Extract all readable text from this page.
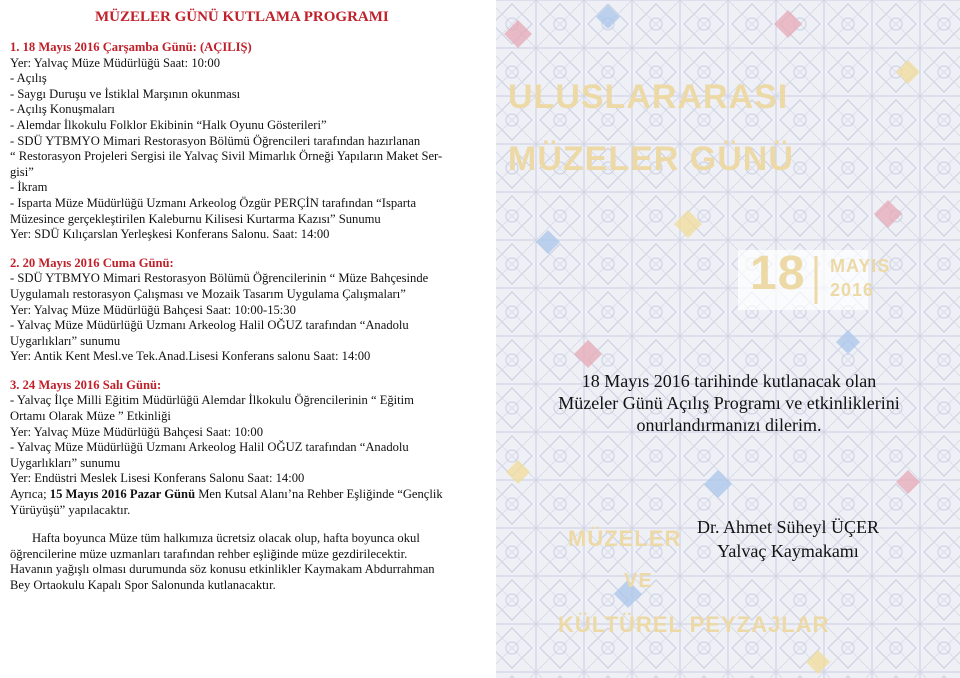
MÜZELER GÜNÜ KUTLAMA PROGRAMI
1. 18 Mayıs 2016 Çarşamba Günü: (AÇILIŞ)
Yer: Yalvaç Müze Müdürlüğü Saat: 10:00
- Açılış
- Saygı Duruşu ve İstiklal Marşının okunması
- Açılış Konuşmaları
- Alemdar İlkokulu Folklor Ekibinin “Halk Oyunu Gösterileri”
- SDÜ YTBMYO Mimari Restorasyon Bölümü Öğrencileri tarafından hazırlanan
“ Restorasyon Projeleri Sergisi ile Yalvaç Sivil Mimarlık Örneği Yapıların Maket Ser-
gisi”
- İkram
- Isparta Müze Müdürlüğü Uzmanı Arkeolog Özgür PERÇİN tarafından “Isparta
Müzesince gerçekleştirilen Kaleburnu Kilisesi Kurtarma Kazısı” Sunumu
Yer: SDÜ Kılıçarslan Yerleşkesi Konferans Salonu. Saat: 14:00
2. 20 Mayıs 2016 Cuma Günü:
- SDÜ YTBMYO Mimari Restorasyon Bölümü Öğrencilerinin “ Müze Bahçesinde
Uygulamalı restorasyon Çalışması ve Mozaik Tasarım Uygulama Çalışmaları”
Yer: Yalvaç Müze Müdürlüğü Bahçesi Saat: 10:00-15:30
- Yalvaç Müze Müdürlüğü Uzmanı Arkeolog Halil OĞUZ tarafından “Anadolu
Uygarlıkları” sunumu
Yer: Antik Kent Mesl.ve Tek.Anad.Lisesi Konferans salonu Saat: 14:00
3. 24 Mayıs 2016 Salı Günü:
- Yalvaç İlçe Milli Eğitim Müdürlüğü Alemdar İlkokulu Öğrencilerinin “ Eğitim
Ortamı Olarak Müze ” Etkinliği
Yer: Yalvaç Müze Müdürlüğü Bahçesi Saat: 10:00
- Yalvaç Müze Müdürlüğü Uzmanı Arkeolog Halil OĞUZ tarafından “Anadolu
Uygarlıkları” sunumu
Yer: Endüstri Meslek Lisesi Konferans Salonu Saat: 14:00
Ayrıca; 15 Mayıs 2016 Pazar Günü Men Kutsal Alanı’na Rehber Eşliğinde “Gençlik
Yürüyüşü” yapılacaktır.
Hafta boyunca Müze tüm halkımıza ücretsiz olacak olup, hafta boyunca okul
öğrencilerine müze uzmanları tarafından rehber eşliğinde müze gezdirilecektir.
Havanın yağışlı olması durumunda söz konusu etkinlikler Kaymakam Abdurrahman
Bey Ortaokulu Kapalı Spor Salonunda kutlanacaktır.
ULUSLARARASI
MÜZELER GÜNÜ
18 MAYIS
2016
MÜZELER
VE
KÜLTÜREL PEYZAJLAR
18 Mayıs 2016 tarihinde kutlanacak olan
Müzeler Günü Açılış Programı ve etkinliklerini
onurlandırmanızı dilerim.
Dr. Ahmet Süheyl ÜÇER
Yalvaç Kaymakamı
